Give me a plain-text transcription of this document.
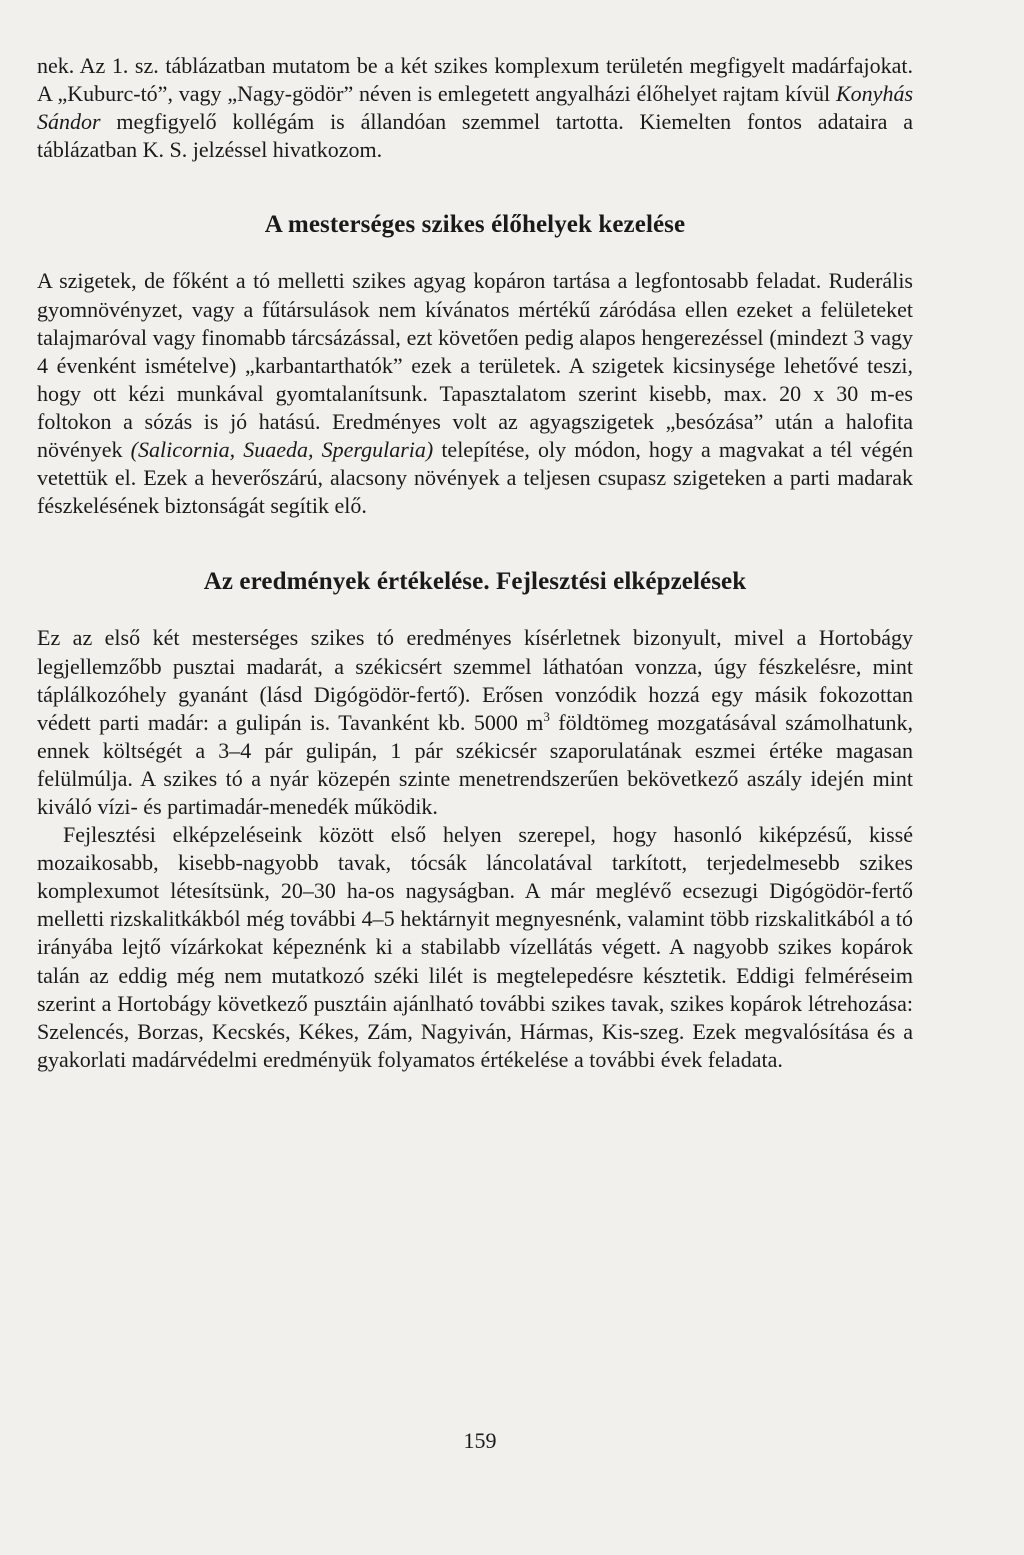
nek. Az 1. sz. táblázatban mutatom be a két szikes komplexum területén megfigyelt madárfajokat. A „Kuburc-tó”, vagy „Nagy-gödör” néven is emlegetett angyalházi élőhelyet rajtam kívül Konyhás Sándor megfigyelő kollégám is állandóan szemmel tartotta. Kiemelten fontos adataira a táblázatban K. S. jelzéssel hivatkozom.

A mesterséges szikes élőhelyek kezelése

A szigetek, de főként a tó melletti szikes agyag kopáron tartása a legfontosabb feladat. Ruderális gyomnövényzet, vagy a fűtársulások nem kívánatos mértékű záródása ellen ezeket a felületeket talajmaróval vagy finomabb tárcsázással, ezt követően pedig alapos hengerezéssel (mindezt 3 vagy 4 évenként ismételve) „karbantarthatók” ezek a területek. A szigetek kicsinysége lehetővé teszi, hogy ott kézi munkával gyomtalanítsunk. Tapasztalatom szerint kisebb, max. 20 x 30 m-es foltokon a sózás is jó hatású. Eredményes volt az agyagszigetek „besózása” után a halofita növények (Salicornia, Suaeda, Spergularia) telepítése, oly módon, hogy a magvakat a tél végén vetettük el. Ezek a heverőszárú, alacsony növények a teljesen csupasz szigeteken a parti madarak fészkelésének biztonságát segítik elő.

Az eredmények értékelése. Fejlesztési elképzelések

Ez az első két mesterséges szikes tó eredményes kísérletnek bizonyult, mivel a Hortobágy legjellemzőbb pusztai madarát, a székicsért szemmel láthatóan vonzza, úgy fészkelésre, mint táplálkozóhely gyanánt (lásd Digógödör-fertő). Erősen vonzódik hozzá egy másik fokozottan védett parti madár: a gulipán is. Tavanként kb. 5000 $m^3$ földtömeg mozgatásával számolhatunk, ennek költségét a 3–4 pár gulipán, 1 pár székicsér szaporulatának eszmei értéke magasan felülmúlja. A szikes tó a nyár közepén szinte menetrendszerűen bekövetkező aszály idején mint kiváló vízi- és partimadár-menedék működik.

Fejlesztési elképzeléseink között első helyen szerepel, hogy hasonló kiképzésű, kissé mozaikosabb, kisebb-nagyobb tavak, tócsák láncolatával tarkított, terjedelmesebb szikes komplexumot létesítsünk, 20–30 ha-os nagyságban. A már meglévő ecsezugi Digógödör-fertő melletti rizskalitkákból még további 4–5 hektárnyit megnyesnénk, valamint több rizskalitkából a tó irányába lejtő vízárkokat képeznénk ki a stabilabb vízellátás végett. A nagyobb szikes kopárok talán az eddig még nem mutatkozó széki lilét is megtelepedésre késztetik. Eddigi felméréseim szerint a Hortobágy következő pusztáin ajánlható további szikes tavak, szikes kopárok létrehozása: Szelencés, Borzas, Kecskés, Kékes, Zám, Nagyiván, Hármas, Kis-szeg. Ezek megvalósítása és a gyakorlati madárvédelmi eredményük folyamatos értékelése a további évek feladata.

159
